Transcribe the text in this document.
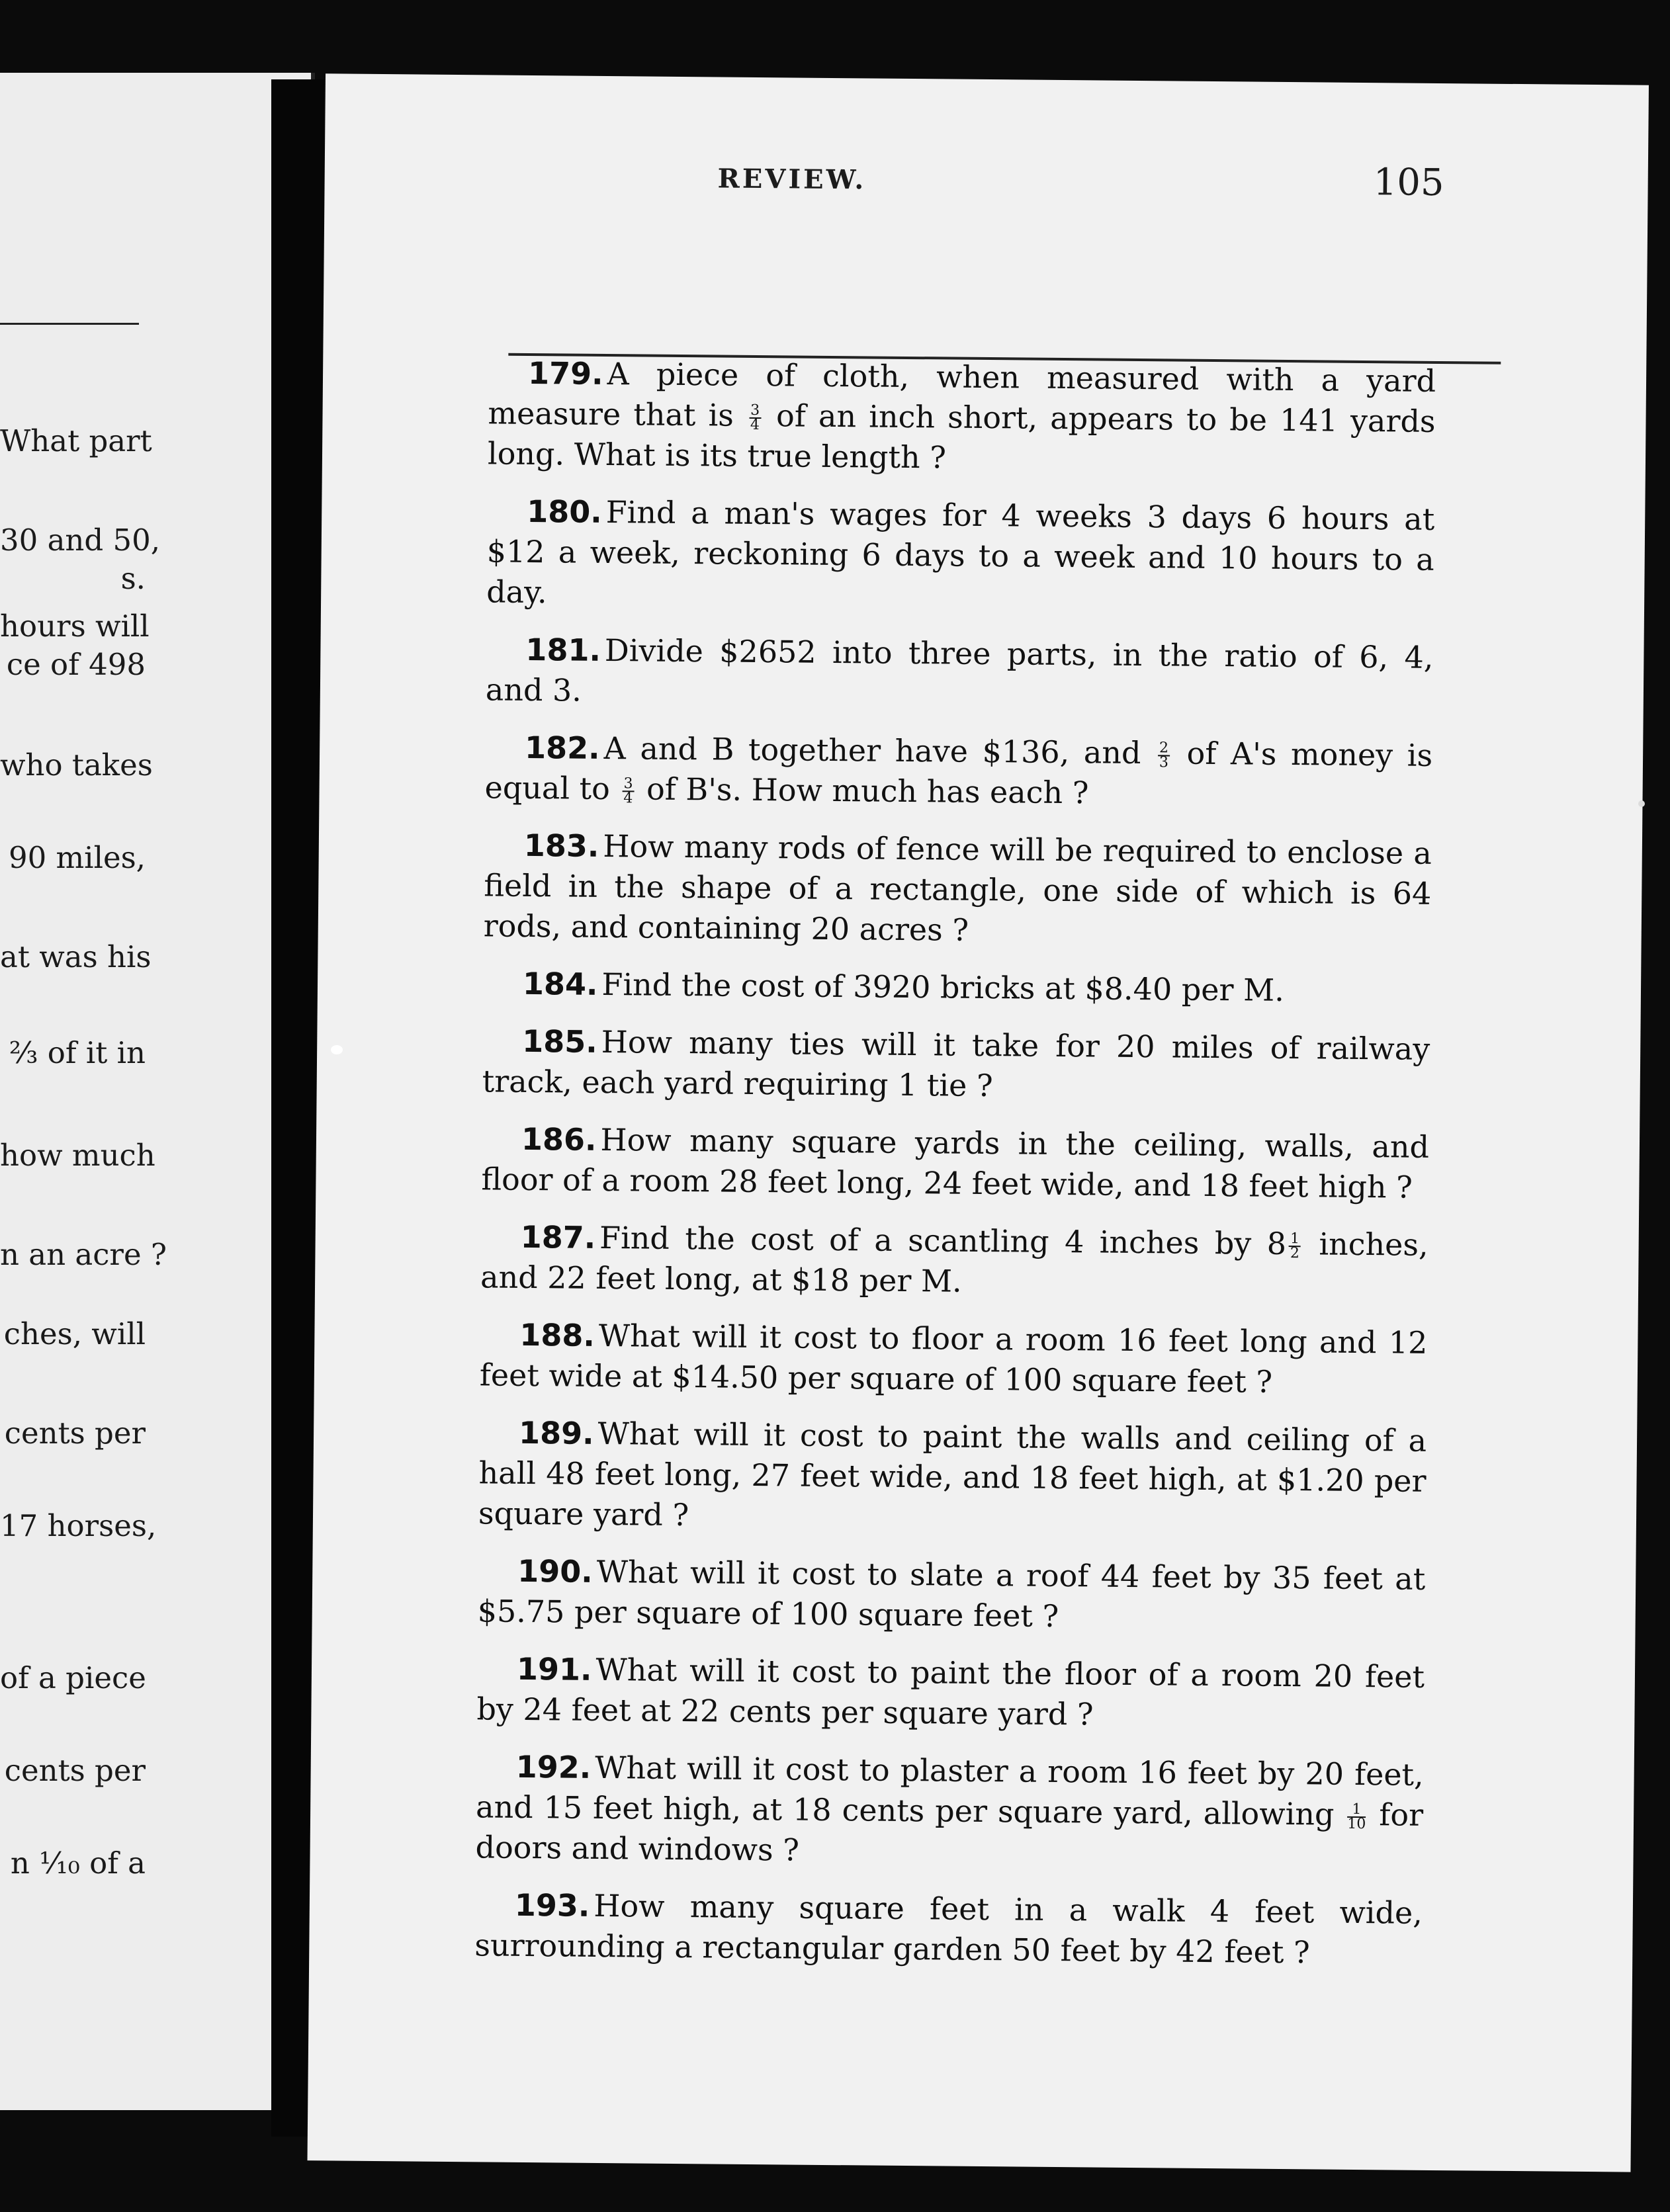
What part
30 and 50,
s.
hours will
ce of 498
who takes
90 miles,
at was his
⅔ of it in
how much
n an acre ?
ches, will
cents per
17 horses,
of a piece
cents per
n ⅒ of a
REVIEW.	105

179. A piece of cloth, when measured with a yard measure that is $\frac{3}{4}$ of an inch short, appears to be 141 yards long. What is its true length ?

180. Find a man's wages for 4 weeks 3 days 6 hours at $12 a week, reckoning 6 days to a week and 10 hours to a day.

181. Divide $2652 into three parts, in the ratio of 6, 4, and 3.

182. A and B together have $136, and $\frac{2}{3}$ of A's money is equal to $\frac{3}{4}$ of B's. How much has each ?

183. How many rods of fence will be required to enclose a field in the shape of a rectangle, one side of which is 64 rods, and containing 20 acres ?

184. Find the cost of 3920 bricks at $8.40 per M.

185. How many ties will it take for 20 miles of railway track, each yard requiring 1 tie ?

186. How many square yards in the ceiling, walls, and floor of a room 28 feet long, 24 feet wide, and 18 feet high ?

187. Find the cost of a scantling 4 inches by $8 \frac{1}{2}$ inches, and 22 feet long, at $18 per M.

188. What will it cost to floor a room 16 feet long and 12 feet wide at $14.50 per square of 100 square feet ?

189. What will it cost to paint the walls and ceiling of a hall 48 feet long, 27 feet wide, and 18 feet high, at $1.20 per square yard ?

190. What will it cost to slate a roof 44 feet by 35 feet at $5.75 per square of 100 square feet ?

191. What will it cost to paint the floor of a room 20 feet by 24 feet at 22 cents per square yard ?

192. What will it cost to plaster a room 16 feet by 20 feet, and 15 feet high, at 18 cents per square yard, allowing $\frac{1}{10}$ for doors and windows ?

193. How many square feet in a walk 4 feet wide, surrounding a rectangular garden 50 feet by 42 feet ?
